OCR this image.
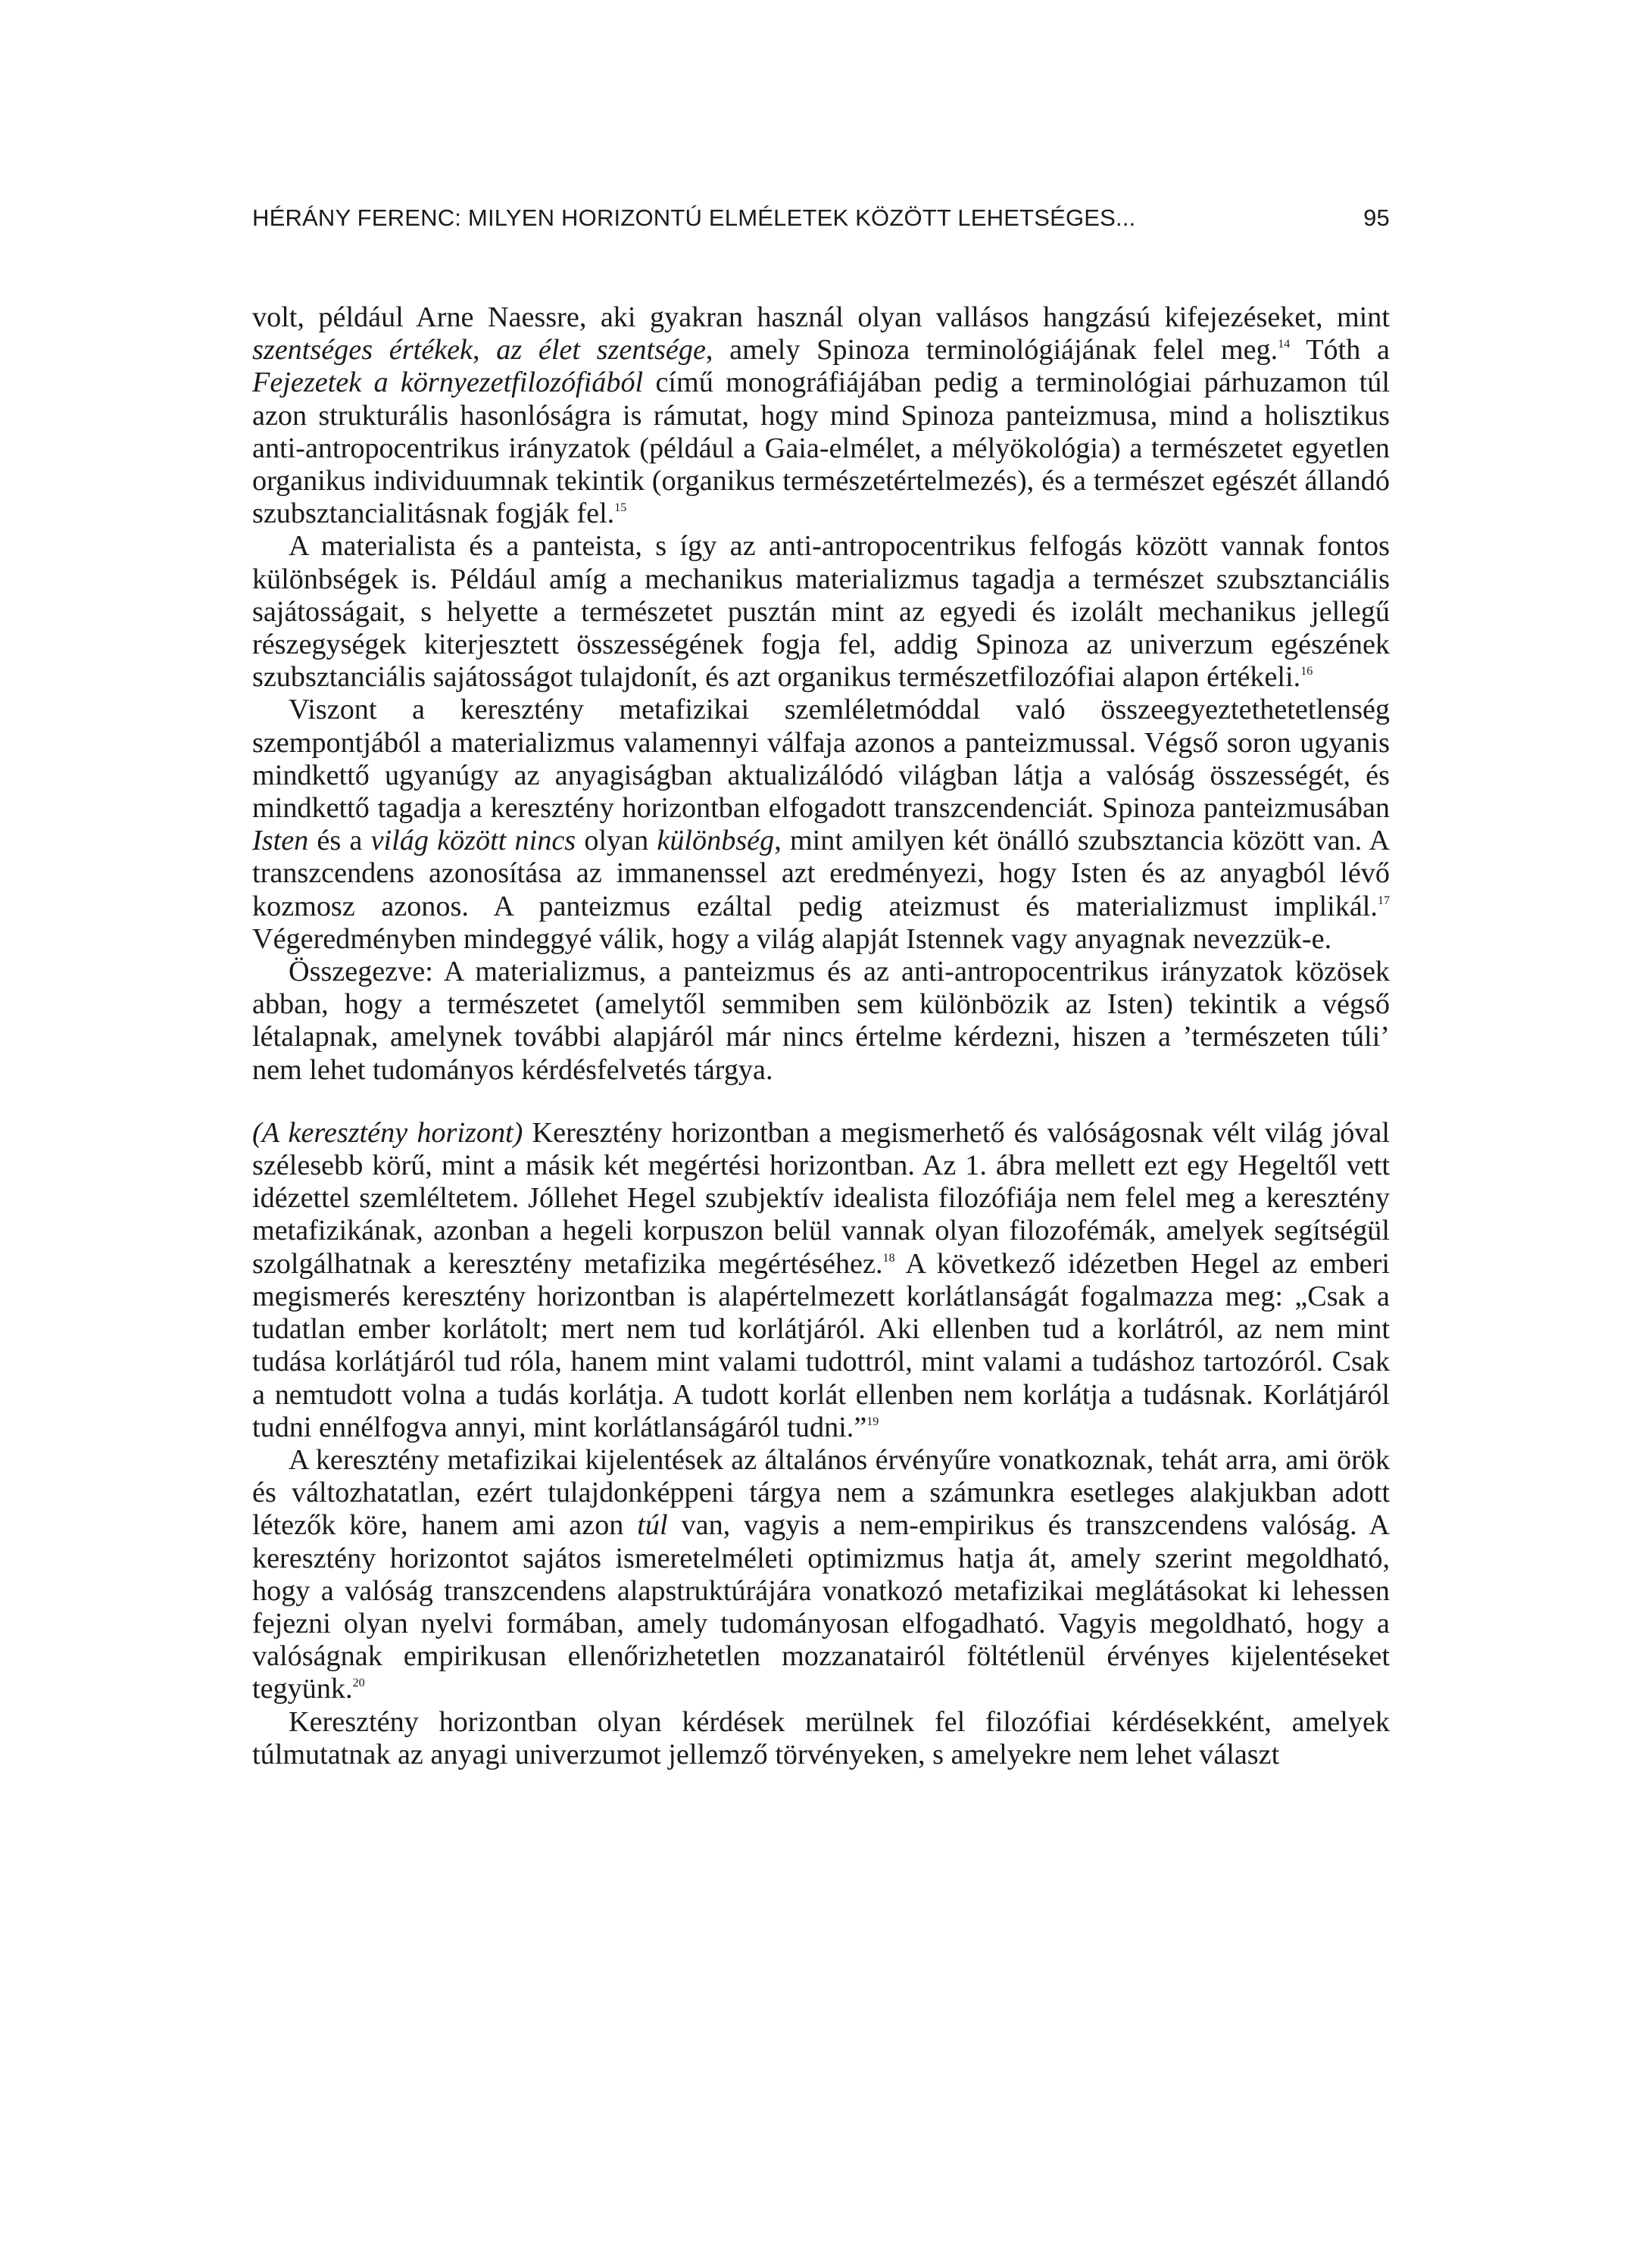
HÉRÁNY FERENC: MILYEN HORIZONTÚ ELMÉLETEK KÖZÖTT LEHETSÉGES...	95

volt, például Arne Naessre, aki gyakran használ olyan vallásos hangzású kifejezéseket, mint szentséges értékek, az élet szentsége, amely Spinoza terminológiájának felel meg.$^{14}$ Tóth a Fejezetek a környezetfilozófiából című monográfiájában pedig a terminológiai párhuzamon túl azon strukturális hasonlóságra is rámutat, hogy mind Spinoza panteizmusa, mind a holisztikus anti-antropocentrikus irányzatok (például a Gaia-elmélet, a mélyökológia) a természetet egyetlen organikus individuumnak tekintik (organikus természetértelmezés), és a természet egészét állandó szubsztancialitásnak fogják fel.$^{15}$

A materialista és a panteista, s így az anti-antropocentrikus felfogás között vannak fontos különbségek is. Például amíg a mechanikus materializmus tagadja a természet szubsztanciális sajátosságait, s helyette a természetet pusztán mint az egyedi és izolált mechanikus jellegű részegységek kiterjesztett összességének fogja fel, addig Spinoza az univerzum egészének szubsztanciális sajátosságot tulajdonít, és azt organikus természetfilozófiai alapon értékeli.$^{16}$

Viszont a keresztény metafizikai szemléletmóddal való összeegyeztethetetlenség szempontjából a materializmus valamennyi válfaja azonos a panteizmussal. Végső soron ugyanis mindkettő ugyanúgy az anyagiságban aktualizálódó világban látja a valóság összességét, és mindkettő tagadja a keresztény horizontban elfogadott transzcendenciát. Spinoza panteizmusában Isten és a világ között nincs olyan különbség, mint amilyen két önálló szubsztancia között van. A transzcendens azonosítása az immanenssel azt eredményezi, hogy Isten és az anyagból lévő kozmosz azonos. A panteizmus ezáltal pedig ateizmust és materializmust implikál.$^{17}$ Végeredményben mindeggyé válik, hogy a világ alapját Istennek vagy anyagnak nevezzük-e.

Összegezve: A materializmus, a panteizmus és az anti-antropocentrikus irányzatok közösek abban, hogy a természetet (amelytől semmiben sem különbözik az Isten) tekintik a végső létalapnak, amelynek további alapjáról már nincs értelme kérdezni, hiszen a ’természeten túli’ nem lehet tudományos kérdésfelvetés tárgya.

(A keresztény horizont) Keresztény horizontban a megismerhető és valóságosnak vélt világ jóval szélesebb körű, mint a másik két megértési horizontban. Az 1. ábra mellett ezt egy Hegeltől vett idézettel szemléltetem. Jóllehet Hegel szubjektív idealista filozófiája nem felel meg a keresztény metafizikának, azonban a hegeli korpuszon belül vannak olyan filozofémák, amelyek segítségül szolgálhatnak a keresztény metafizika megértéséhez.$^{18}$ A következő idézetben Hegel az emberi megismerés keresztény horizontban is alapértelmezett korlátlanságát fogalmazza meg: „Csak a tudatlan ember korlátolt; mert nem tud korlátjáról. Aki ellenben tud a korlátról, az nem mint tudása korlátjáról tud róla, hanem mint valami tudottról, mint valami a tudáshoz tartozóról. Csak a nemtudott volna a tudás korlátja. A tudott korlát ellenben nem korlátja a tudásnak. Korlátjáról tudni ennélfogva annyi, mint korlátlanságáról tudni.”$^{19}$

A keresztény metafizikai kijelentések az általános érvényűre vonatkoznak, tehát arra, ami örök és változhatatlan, ezért tulajdonképpeni tárgya nem a számunkra esetleges alakjukban adott létezők köre, hanem ami azon túl van, vagyis a nem-empirikus és transzcendens valóság. A keresztény horizontot sajátos ismeretelméleti optimizmus hatja át, amely szerint megoldható, hogy a valóság transzcendens alapstruktúrájára vonatkozó metafizikai meglátásokat ki lehessen fejezni olyan nyelvi formában, amely tudományosan elfogadható. Vagyis megoldható, hogy a valóságnak empirikusan ellenőrizhetetlen mozzanatairól föltétlenül érvényes kijelentéseket tegyünk.$^{20}$

Keresztény horizontban olyan kérdések merülnek fel filozófiai kérdésekként, amelyek túlmutatnak az anyagi univerzumot jellemző törvényeken, s amelyekre nem lehet választ
